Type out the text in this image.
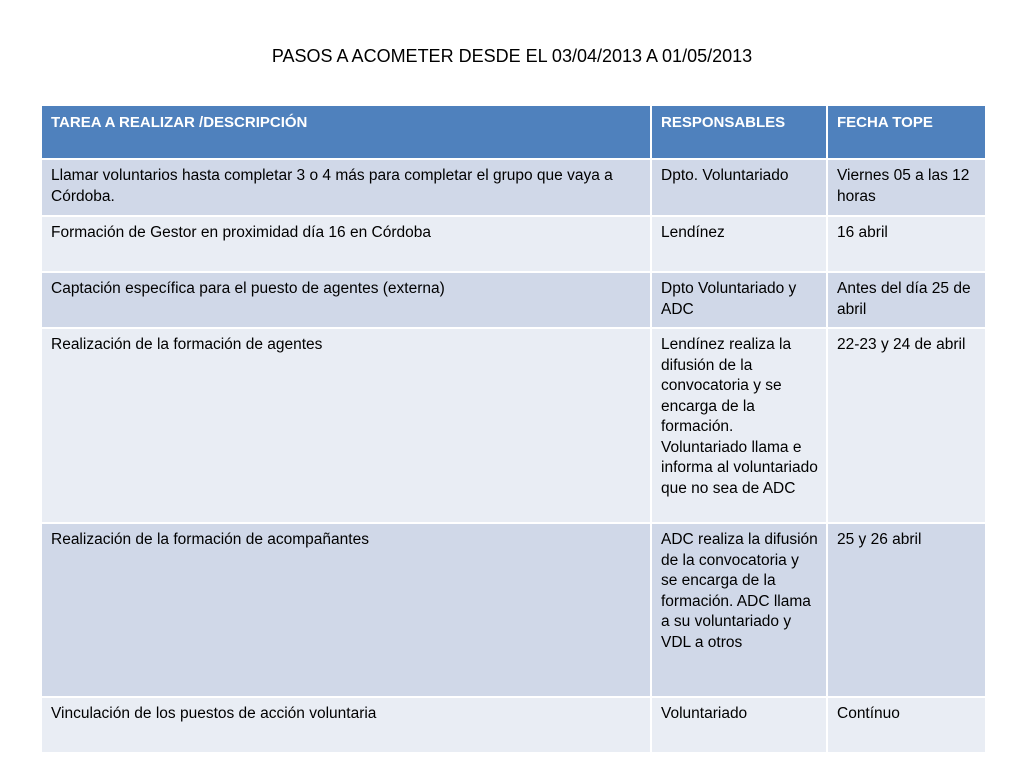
PASOS A ACOMETER DESDE EL 03/04/2013 A 01/05/2013
TAREA A REALIZAR /DESCRIPCIÓN	RESPONSABLES	FECHA TOPE
Llamar voluntarios hasta completar 3 o 4 más para completar el grupo que vaya a Córdoba.	Dpto. Voluntariado	Viernes 05 a las 12 horas
Formación de Gestor en proximidad día 16 en Córdoba	Lendínez	16 abril
Captación específica para el puesto de agentes (externa)	Dpto Voluntariado y ADC	Antes del día 25 de abril
Realización de la formación de agentes	Lendínez realiza la difusión de la convocatoria y se encarga de la formación. Voluntariado llama e informa al voluntariado que no sea de ADC	22-23 y 24 de abril
Realización de la formación de acompañantes	ADC realiza la difusión de la convocatoria y se encarga de la formación. ADC llama a su voluntariado y VDL a otros	25 y 26 abril
Vinculación de los puestos de acción voluntaria	Voluntariado	Contínuo
